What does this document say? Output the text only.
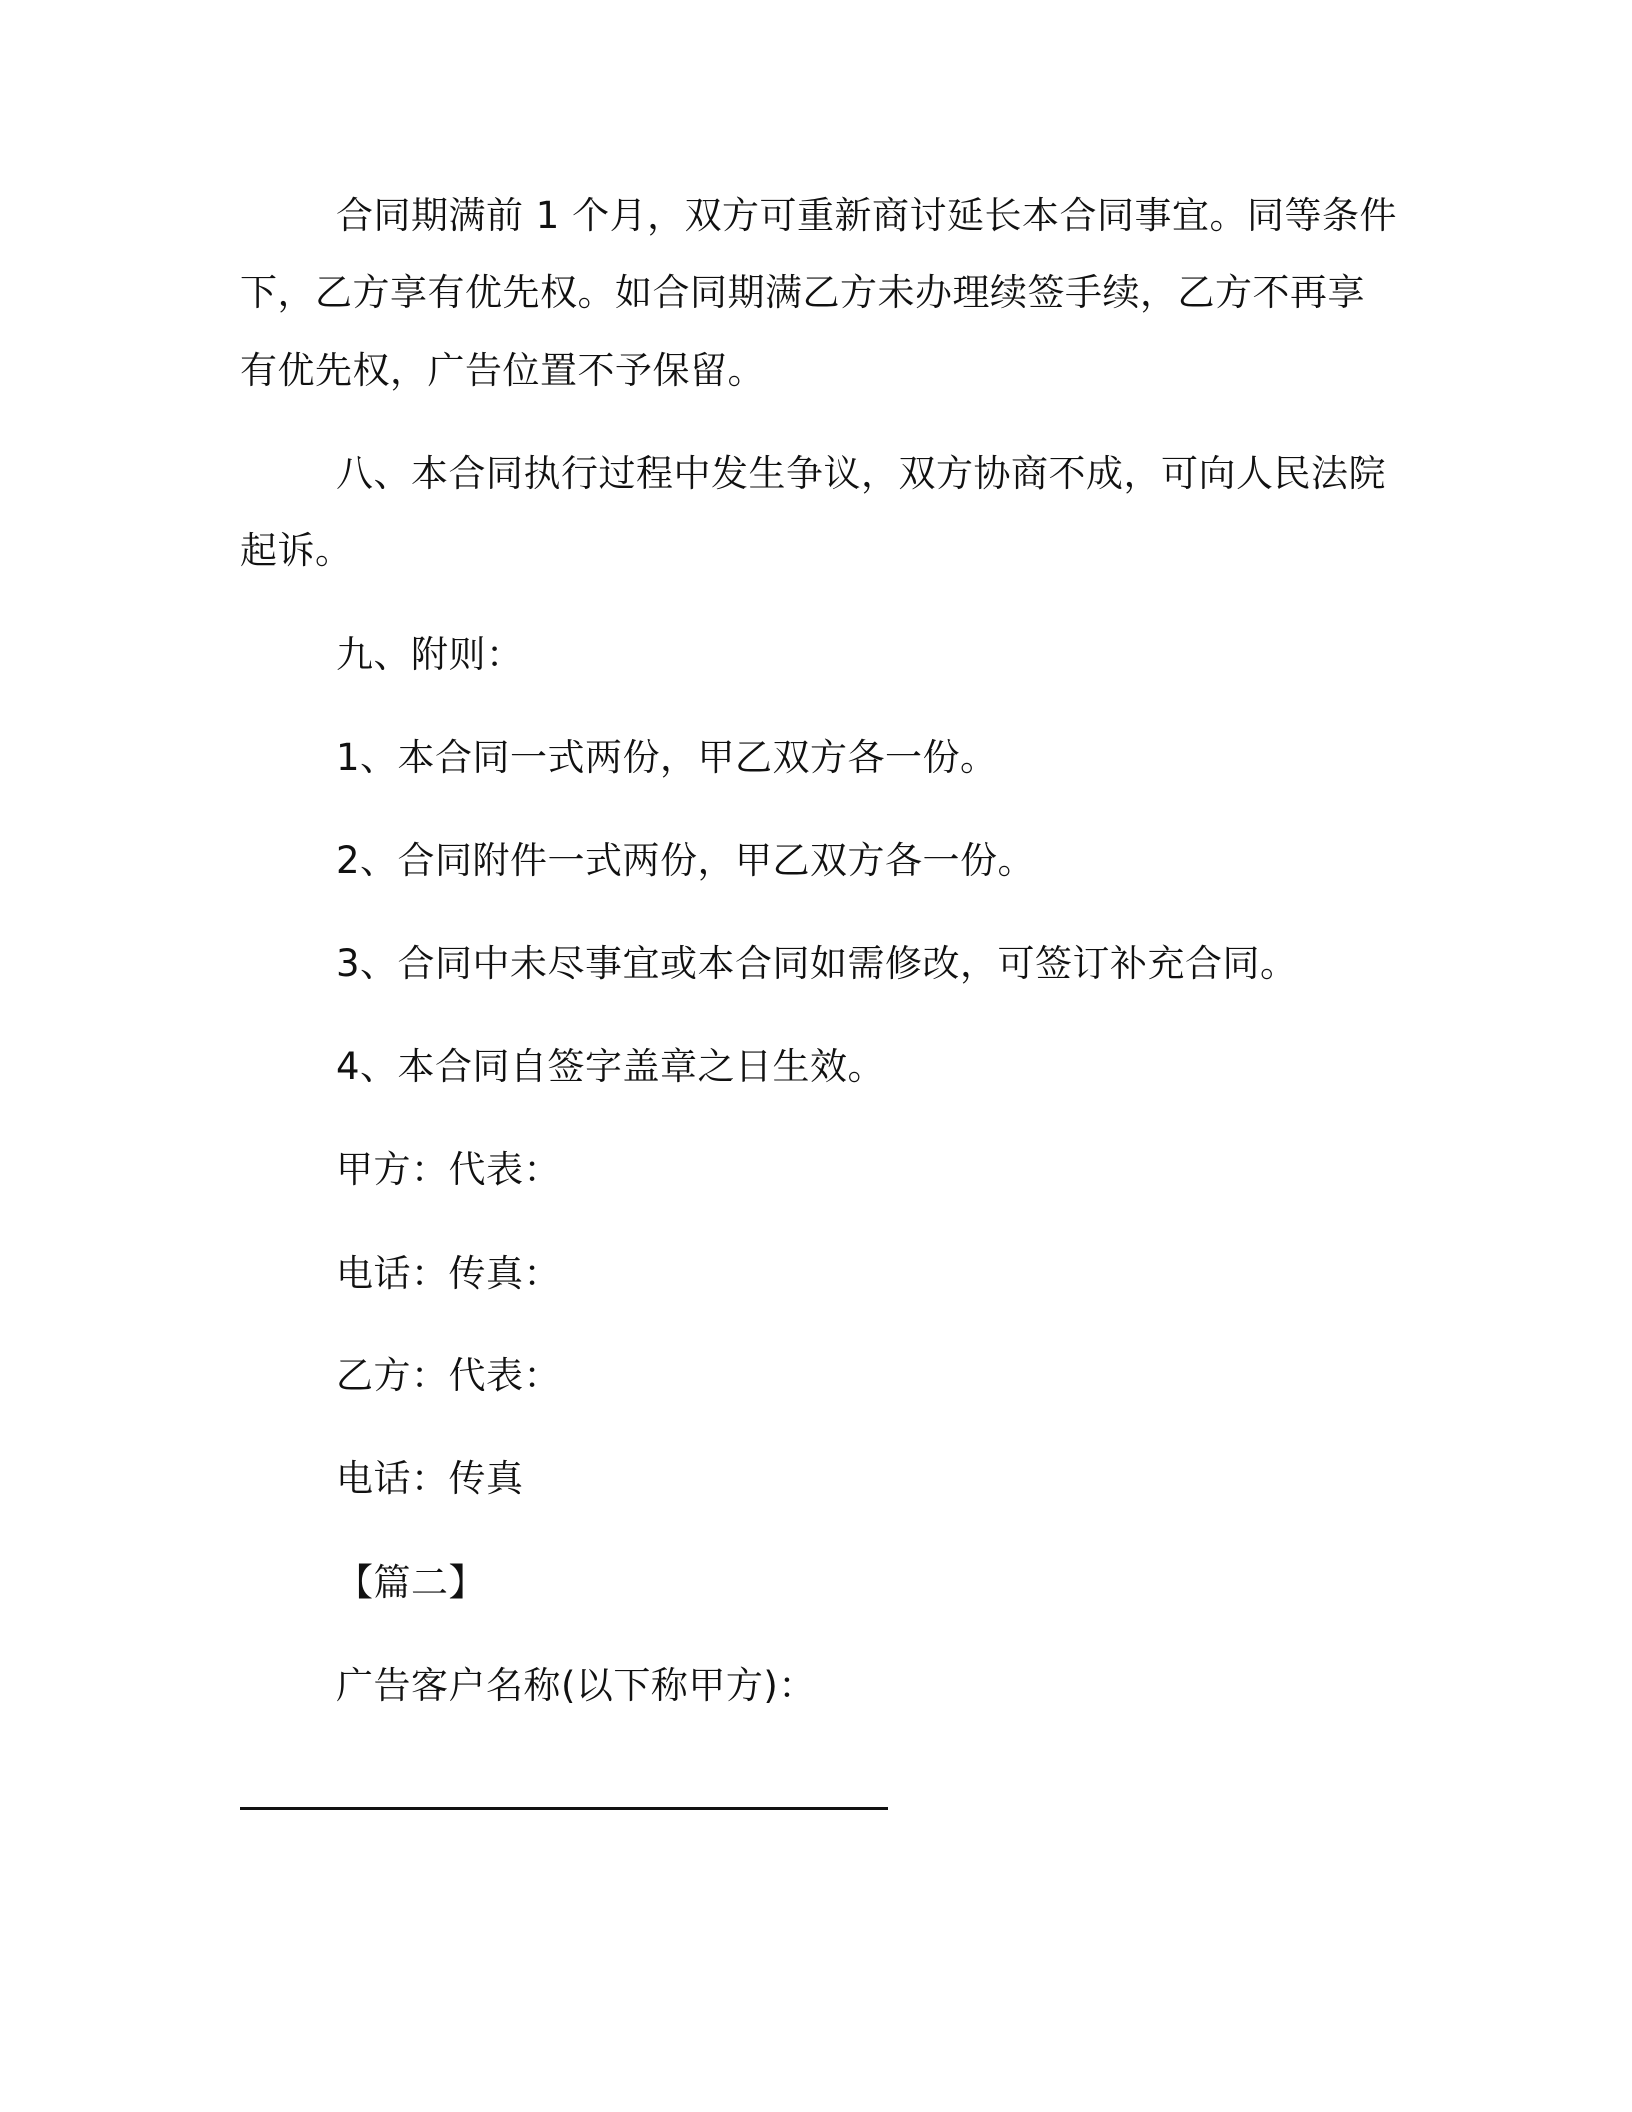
合同期满前 1 个月，双方可重新商讨延长本合同事宜。同等条件
下，乙方享有优先权。如合同期满乙方未办理续签手续，乙方不再享
有优先权，广告位置不予保留。
八、本合同执行过程中发生争议，双方协商不成，可向人民法院
起诉。
九、附则：
1、本合同一式两份，甲乙双方各一份。
2、合同附件一式两份，甲乙双方各一份。
3、合同中未尽事宜或本合同如需修改，可签订补充合同。
4、本合同自签字盖章之日生效。
甲方：代表：
电话：传真：
乙方：代表：
电话：传真
【篇二】
广告客户名称(以下称甲方)：
